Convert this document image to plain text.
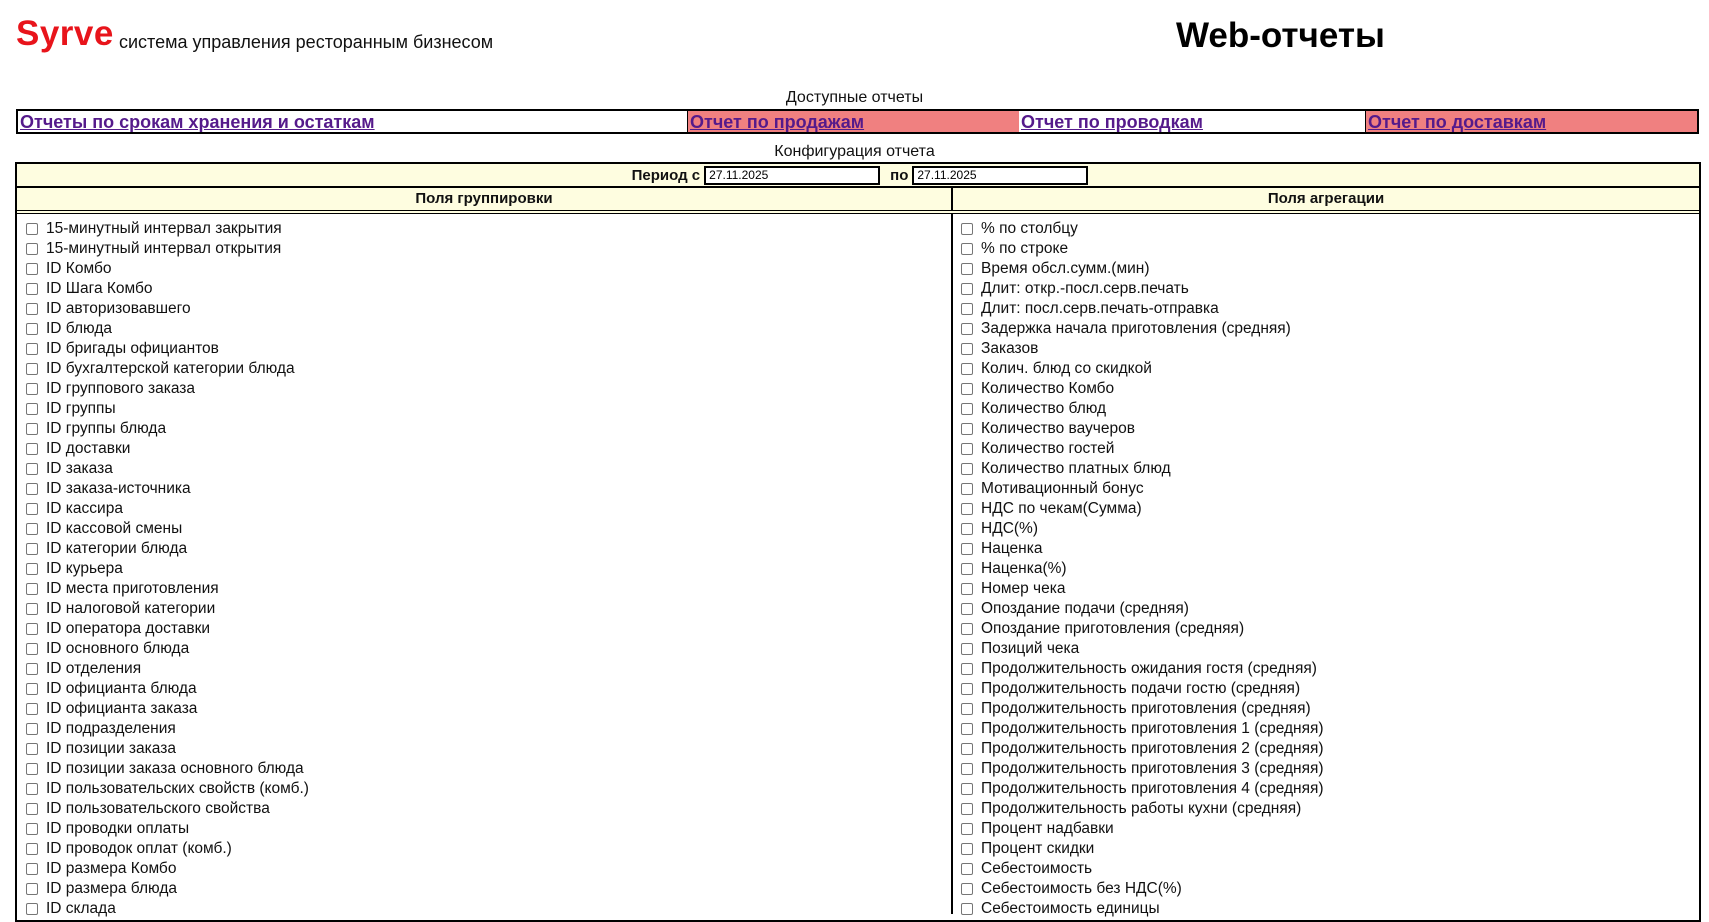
Syrve система управления ресторанным бизнесом	Web-отчеты
Доступные отчеты
Отчеты по срокам хранения и остаткам	Отчет по продажам	Отчет по проводкам	Отчет по доставкам
Конфигурация отчета
Период с
27.11.2025	по
27.11.2025
Поля группировки	Поля агрегации
15-минутный интервал закрытия
15-минутный интервал открытия
ID Комбо
ID Шага Комбо
ID авторизовавшего
ID блюда
ID бригады официантов
ID бухгалтерской категории блюда
ID группового заказа
ID группы
ID группы блюда
ID доставки
ID заказа
ID заказа-источника
ID кассира
ID кассовой смены
ID категории блюда
ID курьера
ID места приготовления
ID налоговой категории
ID оператора доставки
ID основного блюда
ID отделения
ID официанта блюда
ID официанта заказа
ID подразделения
ID позиции заказа
ID позиции заказа основного блюда
ID пользовательских свойств (комб.)
ID пользовательского свойства
ID проводки оплаты
ID проводок оплат (комб.)
ID размера Комбо
ID размера блюда
ID склада
% по столбцу
% по строке
Время обсл.сумм.(мин)
Длит: откр.-посл.серв.печать
Длит: посл.серв.печать-отправка
Задержка начала приготовления (средняя)
Заказов
Колич. блюд со скидкой
Количество Комбо
Количество блюд
Количество ваучеров
Количество гостей
Количество платных блюд
Мотивационный бонус
НДС по чекам(Сумма)
НДС(%)
Наценка
Наценка(%)
Номер чека
Опоздание подачи (средняя)
Опоздание приготовления (средняя)
Позиций чека
Продолжительность ожидания гостя (средняя)
Продолжительность подачи гостю (средняя)
Продолжительность приготовления (средняя)
Продолжительность приготовления 1 (средняя)
Продолжительность приготовления 2 (средняя)
Продолжительность приготовления 3 (средняя)
Продолжительность приготовления 4 (средняя)
Продолжительность работы кухни (средняя)
Процент надбавки
Процент скидки
Себестоимость
Себестоимость без НДС(%)
Себестоимость единицы
